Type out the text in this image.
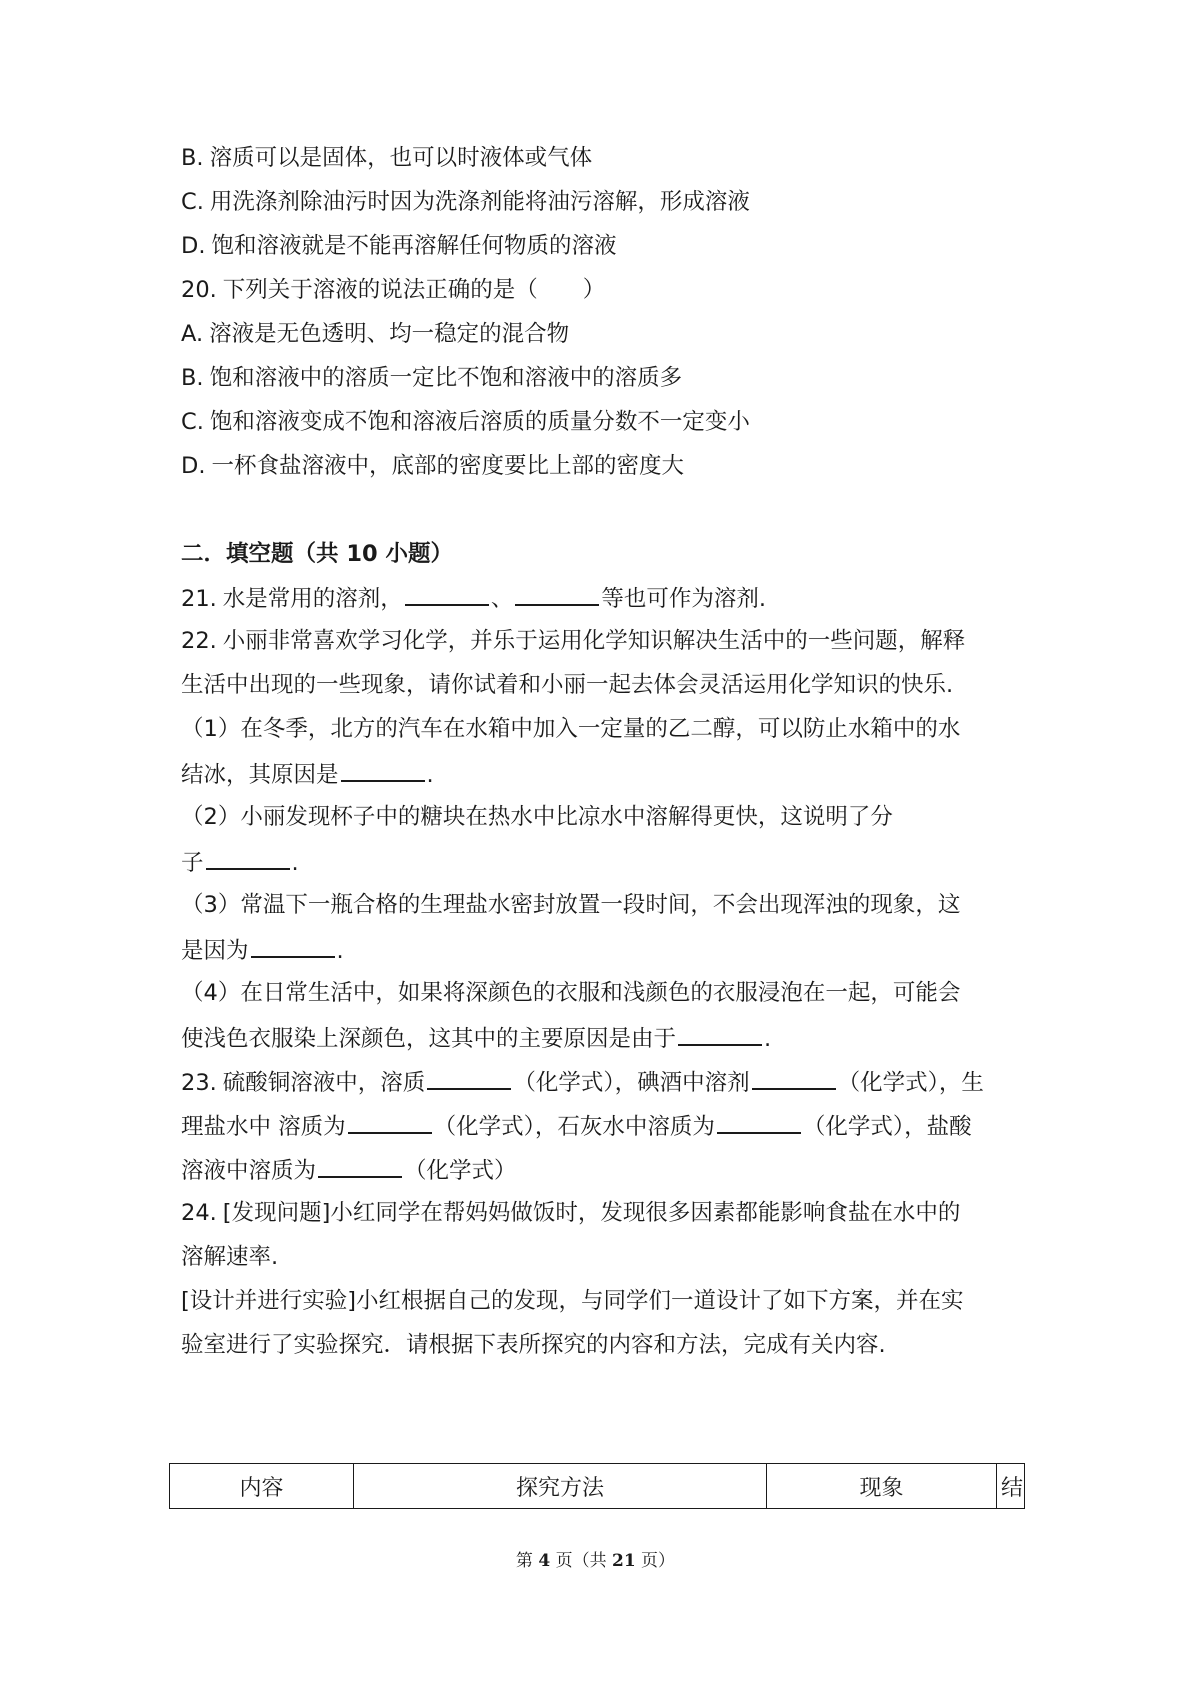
B. 溶质可以是固体，也可以时液体或气体
C. 用洗涤剂除油污时因为洗涤剂能将油污溶解，形成溶液
D. 饱和溶液就是不能再溶解任何物质的溶液
20. 下列关于溶液的说法正确的是（　　）
A. 溶液是无色透明、均一稳定的混合物
B. 饱和溶液中的溶质一定比不饱和溶液中的溶质多
C. 饱和溶液变成不饱和溶液后溶质的质量分数不一定变小
D. 一杯食盐溶液中，底部的密度要比上部的密度大
二．填空题（共 10 小题）
21. 水是常用的溶剂，	、	等也可作为溶剂.
22. 小丽非常喜欢学习化学，并乐于运用化学知识解决生活中的一些问题，解释
生活中出现的一些现象，请你试着和小丽一起去体会灵活运用化学知识的快乐.
（1）在冬季，北方的汽车在水箱中加入一定量的乙二醇，可以防止水箱中的水
结冰，其原因是	.
（2）小丽发现杯子中的糖块在热水中比凉水中溶解得更快，这说明了分
子	.
（3）常温下一瓶合格的生理盐水密封放置一段时间，不会出现浑浊的现象，这
是因为	.
（4）在日常生活中，如果将深颜色的衣服和浅颜色的衣服浸泡在一起，可能会
使浅色衣服染上深颜色，这其中的主要原因是由于	.
23. 硫酸铜溶液中，溶质	（化学式），碘酒中溶剂	（化学式），生
理盐水中 溶质为	（化学式），石灰水中溶质为	（化学式），盐酸
溶液中溶质为	（化学式）
24. [发现问题]小红同学在帮妈妈做饭时，发现很多因素都能影响食盐在水中的
溶解速率.
[设计并进行实验]小红根据自己的发现，与同学们一道设计了如下方案，并在实
验室进行了实验探究．请根据下表所探究的内容和方法，完成有关内容.
内容	探究方法	现象	结
第 4 页（共 21 页）
